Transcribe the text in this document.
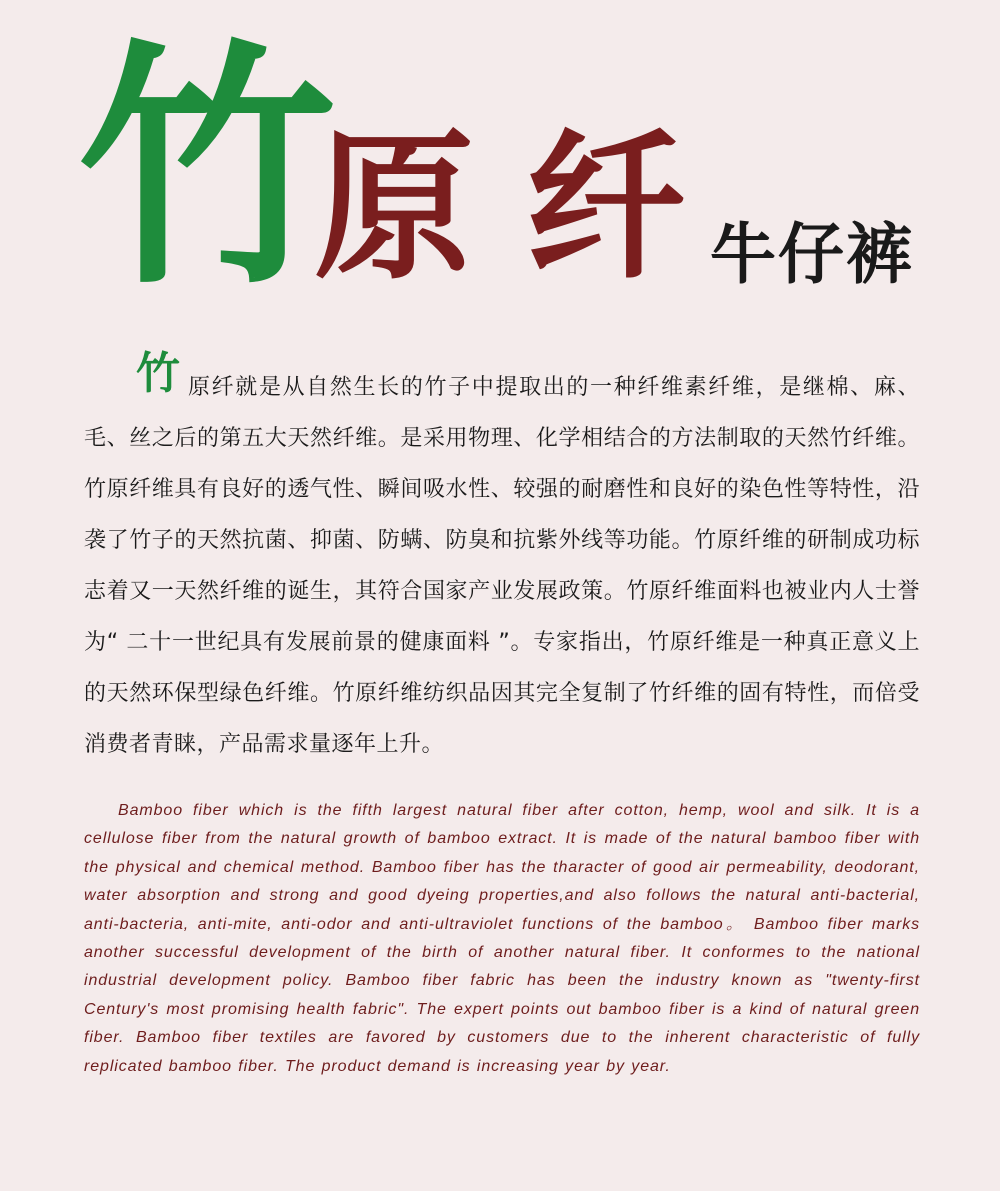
竹
原 纤 牛仔裤
竹 原纤就是从自然生长的竹子中提取出的一种纤维素纤维，是继棉、麻、毛、丝之后的第五大天然纤维。是采用物理、化学相结合的方法制取的天然竹纤维。竹原纤维具有良好的透气性、瞬间吸水性、较强的耐磨性和良好的染色性等特性，沿袭了竹子的天然抗菌、抑菌、防螨、防臭和抗紫外线等功能。竹原纤维的研制成功标志着又一天然纤维的诞生，其符合国家产业发展政策。竹原纤维面料也被业内人士誉为“ 二十一世纪具有发展前景的健康面料 ”。专家指出，竹原纤维是一种真正意义上的天然环保型绿色纤维。竹原纤维纺织品因其完全复制了竹纤维的固有特性，而倍受消费者青睐，产品需求量逐年上升。

Bamboo fiber which is the fifth largest natural fiber after cotton, hemp, wool and silk. It is a cellulose fiber from the natural growth of bamboo extract. It is made of the natural bamboo fiber with the physical and chemical method. Bamboo fiber has the tharacter of good air permeability, deodorant, water absorption and strong and good dyeing properties,and also follows the natural anti-bacterial, anti-bacteria, anti-mite, anti-odor and anti-ultraviolet functions of the bamboo。 Bamboo fiber marks another successful development of the birth of another natural fiber. It conformes to the national industrial development policy. Bamboo fiber fabric has been the industry known as "twenty-first Century's most promising health fabric". The expert points out bamboo fiber is a kind of natural green fiber. Bamboo fiber textiles are favored by customers due to the inherent characteristic of fully replicated bamboo fiber. The product demand is increasing year by year.
